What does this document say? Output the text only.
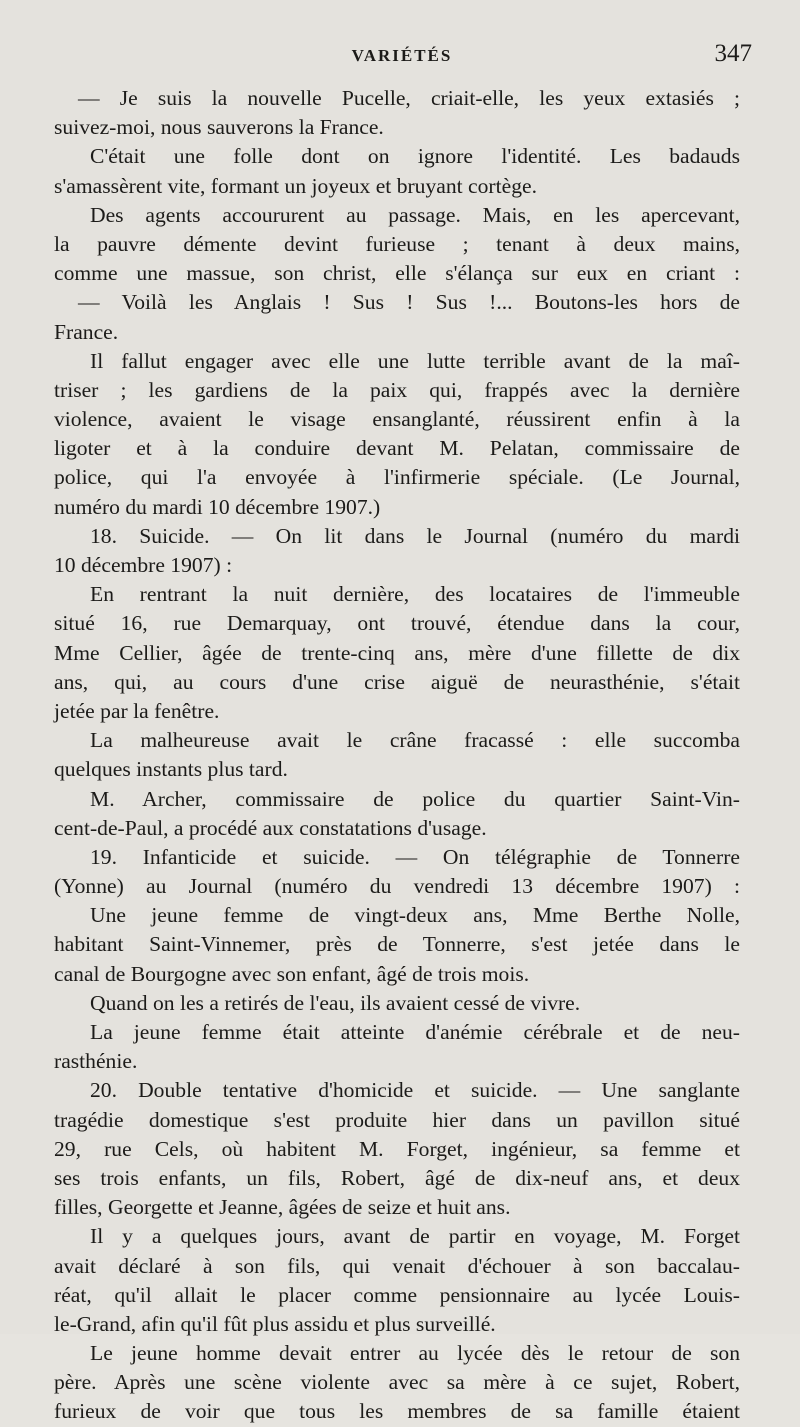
VARIÉTÉS	347
— Je suis la nouvelle Pucelle, criait-elle, les yeux extasiés ;
suivez-moi, nous sauverons la France.
C'était une folle dont on ignore l'identité. Les badauds
s'amassèrent vite, formant un joyeux et bruyant cortège.
Des agents accoururent au passage. Mais, en les apercevant,
la pauvre démente devint furieuse ; tenant à deux mains,
comme une massue, son christ, elle s'élança sur eux en criant :
— Voilà les Anglais ! Sus ! Sus !... Boutons-les hors de
France.
Il fallut engager avec elle une lutte terrible avant de la maî-
triser ; les gardiens de la paix qui, frappés avec la dernière
violence, avaient le visage ensanglanté, réussirent enfin à la
ligoter et à la conduire devant M. Pelatan, commissaire de
police, qui l'a envoyée à l'infirmerie spéciale. (Le Journal,
numéro du mardi 10 décembre 1907.)
18. Suicide. — On lit dans le Journal (numéro du mardi
10 décembre 1907) :
En rentrant la nuit dernière, des locataires de l'immeuble
situé 16, rue Demarquay, ont trouvé, étendue dans la cour,
Mme Cellier, âgée de trente-cinq ans, mère d'une fillette de dix
ans, qui, au cours d'une crise aiguë de neurasthénie, s'était
jetée par la fenêtre.
La malheureuse avait le crâne fracassé : elle succomba
quelques instants plus tard.
M. Archer, commissaire de police du quartier Saint-Vin-
cent-de-Paul, a procédé aux constatations d'usage.
19. Infanticide et suicide. — On télégraphie de Tonnerre
(Yonne) au Journal (numéro du vendredi 13 décembre 1907) :
Une jeune femme de vingt-deux ans, Mme Berthe Nolle,
habitant Saint-Vinnemer, près de Tonnerre, s'est jetée dans le
canal de Bourgogne avec son enfant, âgé de trois mois.
Quand on les a retirés de l'eau, ils avaient cessé de vivre.
La jeune femme était atteinte d'anémie cérébrale et de neu-
rasthénie.
20. Double tentative d'homicide et suicide. — Une sanglante
tragédie domestique s'est produite hier dans un pavillon situé
29, rue Cels, où habitent M. Forget, ingénieur, sa femme et
ses trois enfants, un fils, Robert, âgé de dix-neuf ans, et deux
filles, Georgette et Jeanne, âgées de seize et huit ans.
Il y a quelques jours, avant de partir en voyage, M. Forget
avait déclaré à son fils, qui venait d'échouer à son baccalau-
réat, qu'il allait le placer comme pensionnaire au lycée Louis-
le-Grand, afin qu'il fût plus assidu et plus surveillé.
Le jeune homme devait entrer au lycée dès le retour de son
père. Après une scène violente avec sa mère à ce sujet, Robert,
furieux de voir que tous les membres de sa famille étaient
